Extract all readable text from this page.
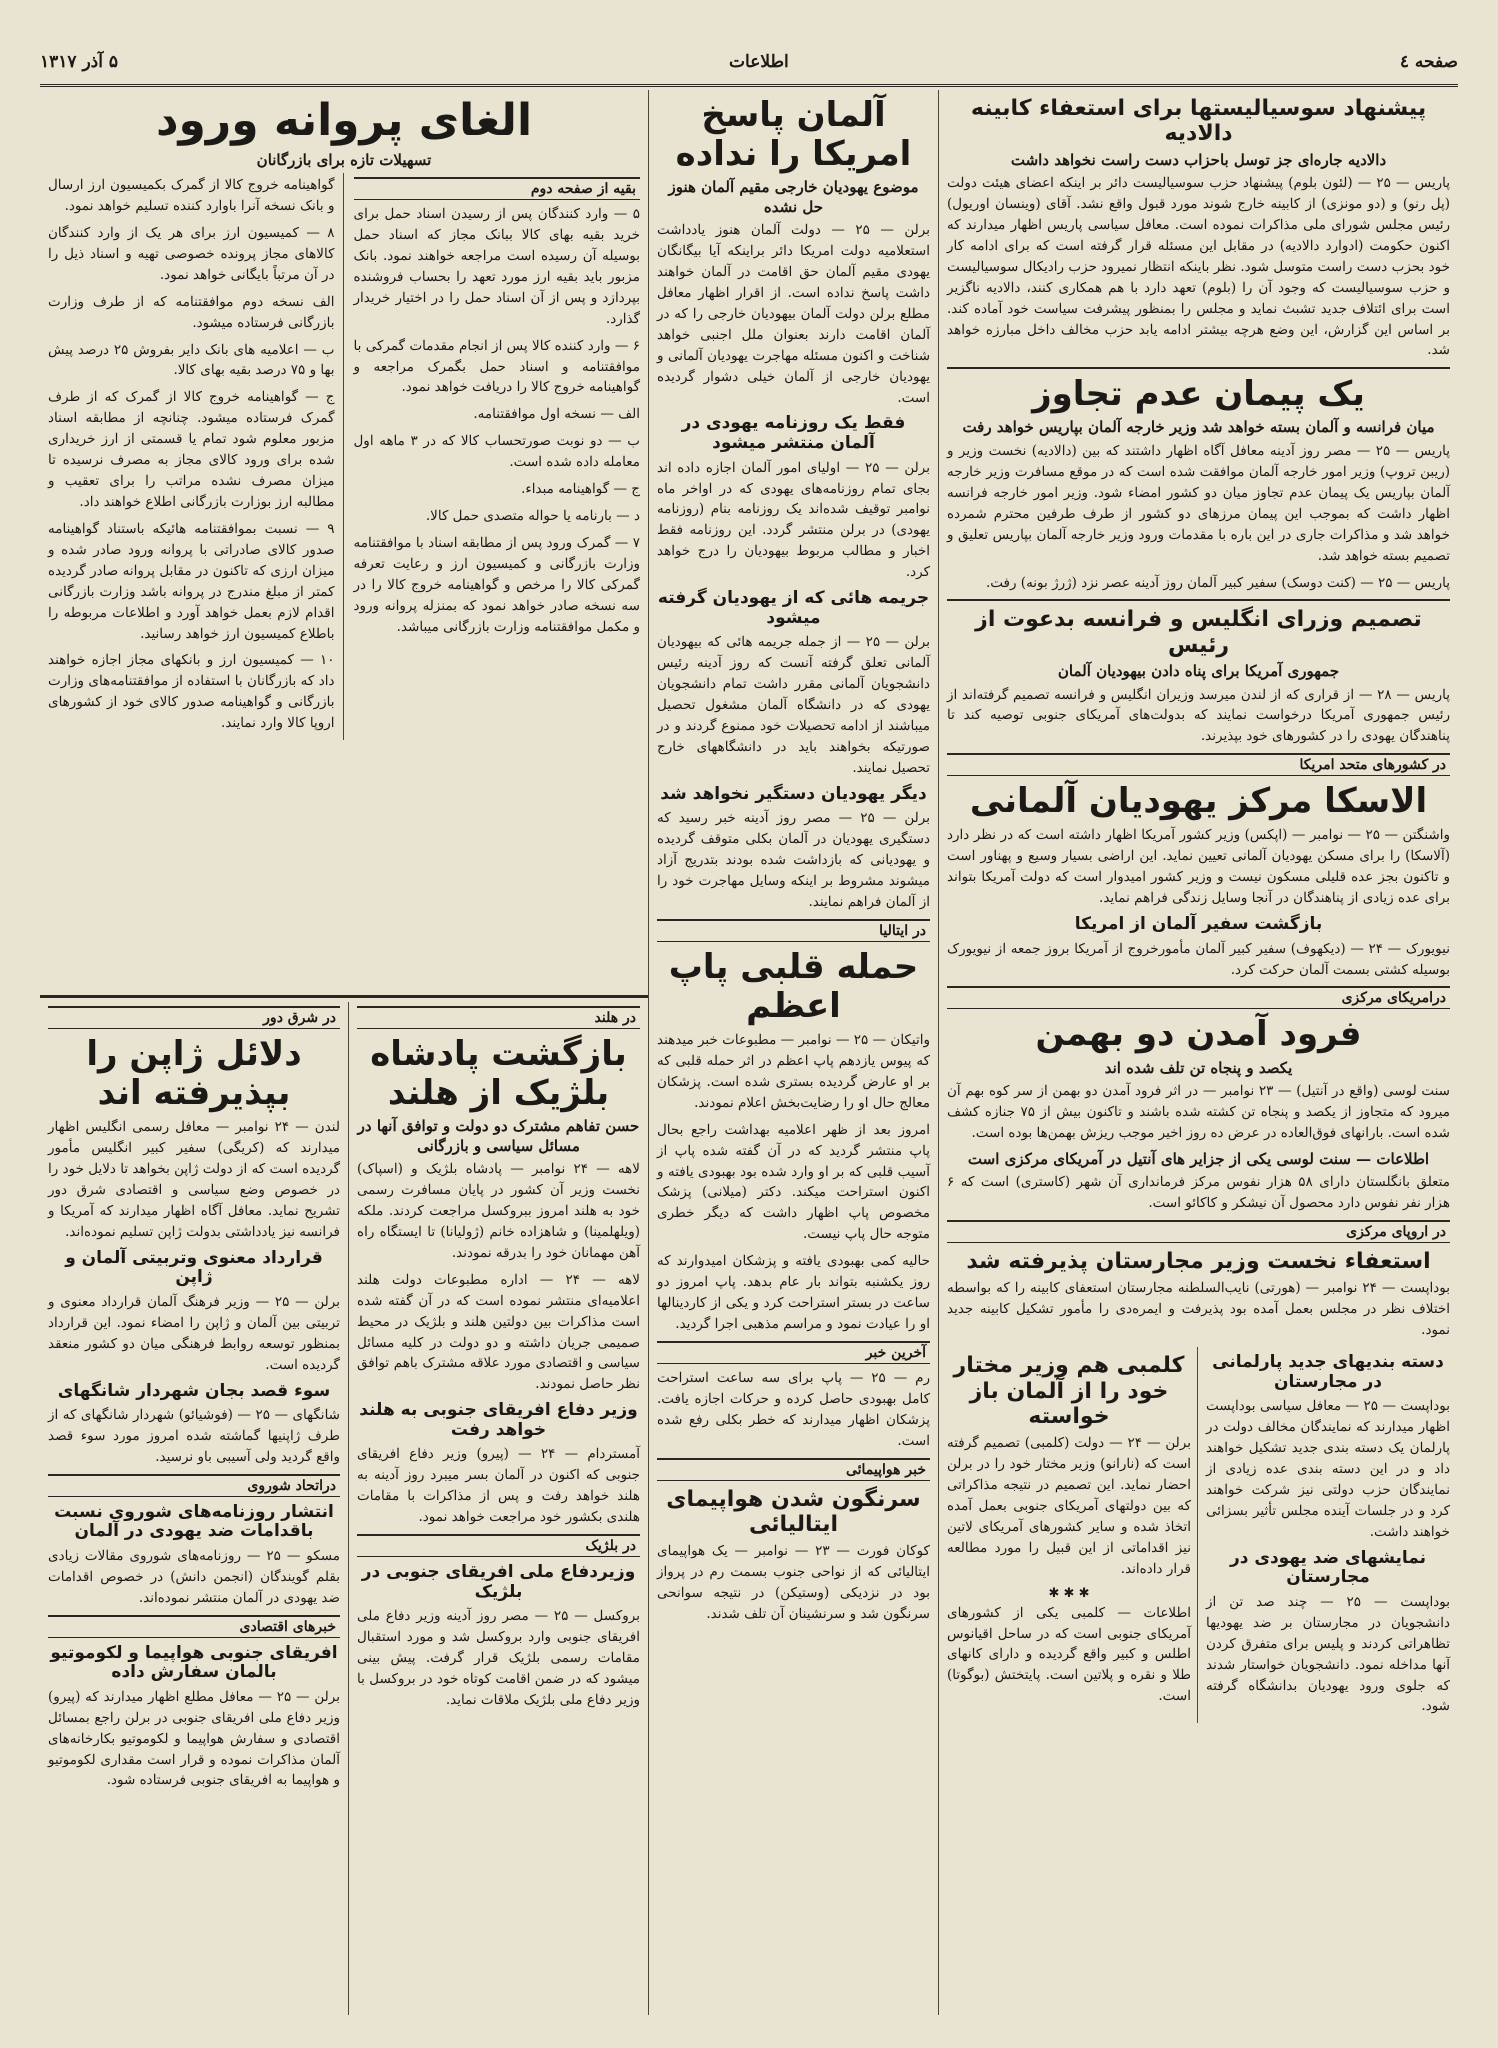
صفحه ٤
اطلاعات
۵ آذر ۱۳۱۷
پیشنهاد سوسیالیستها برای استعفاء کابینه دالادیه
دالادیه جاره‌ای جز توسل باحزاب دست راست نخواهد داشت
پاریس — ۲۵ — (لئون بلوم) پیشنهاد حزب سوسیالیست دائر بر اینکه اعضای هیئت دولت (پل رنو) و (دو مونزی) از کابینه خارج شوند مورد قبول واقع نشد. آقای (وینسان اوریول) رئیس مجلس شورای ملی مذاکرات نموده است. معافل سیاسی پاریس اظهار میدارند که اکنون حکومت (ادوارد دالادیه) در مقابل این مسئله قرار گرفته است که برای ادامه کار خود بحزب دست راست متوسل شود. نظر باینکه انتظار نمیرود حزب رادیکال سوسیالیست و حزب سوسیالیست که وجود آن را (بلوم) تعهد دارد با هم همکاری کنند، دالادیه ناگزیر است برای ائتلاف جدید تشبث نماید و مجلس را بمنظور پیشرفت سیاست خود آماده کند. بر اساس این گزارش، این وضع هرچه بیشتر ادامه یابد حزب مخالف داخل مبارزه خواهد شد.
یک پیمان عدم تجاوز
میان فرانسه و آلمان بسته خواهد شد وزیر خارجه آلمان بپاریس خواهد رفت
پاریس — ۲۵ — مصر روز آدینه معافل آگاه اظهار داشتند که بین (دالادیه) نخست وزیر و (ریبن تروپ) وزیر امور خارجه آلمان موافقت شده است که در موقع مسافرت وزیر خارجه آلمان بپاریس یک پیمان عدم تجاوز میان دو کشور امضاء شود. وزیر امور خارجه فرانسه اظهار داشت که بموجب این پیمان مرزهای دو کشور از طرف طرفین محترم شمرده خواهد شد و مذاکرات جاری در این باره با مقدمات ورود وزیر خارجه آلمان بپاریس تعلیق و تصمیم بسته خواهد شد.
پاریس — ۲۵ — (کنت دوسک) سفیر کبیر آلمان روز آدینه عصر نزد (ژرژ بونه) رفت.
تصمیم وزرای انگلیس و فرانسه بدعوت از رئیس
جمهوری آمریکا برای پناه دادن بیهودیان آلمان
پاریس — ۲۸ — از قراری که از لندن میرسد وزیران انگلیس و فرانسه تصمیم گرفته‌اند از رئیس جمهوری آمریکا درخواست نمایند که بدولت‌های آمریکای جنوبی توصیه کند تا پناهندگان یهودی را در کشورهای خود بپذیرند.
در کشورهای متحد امریکا
الاسکا مرکز یهودیان آلمانی
واشنگتن — ۲۵ — نوامبر — (اپکس) وزیر کشور آمریکا اظهار داشته است که در نظر دارد (آلاسکا) را برای مسکن یهودیان آلمانی تعیین نماید. این اراضی بسیار وسیع و پهناور است و تاکنون بجز عده قلیلی مسکون نیست و وزیر کشور امیدوار است که دولت آمریکا بتواند برای عده زیادی از پناهندگان در آنجا وسایل زندگی فراهم نماید.
بازگشت سفیر آلمان از امریکا
نیویورک — ۲۴ — (دیکهوف) سفیر کبیر آلمان مأمورخروج از آمریکا بروز جمعه از نیویورک بوسیله کشتی بسمت آلمان حرکت کرد.
درامریکای مرکزی
فرود آمدن دو بهمن
یکصد و پنجاه تن تلف شده اند
سنت لوسی (واقع در آنتیل) — ۲۳ نوامبر — در اثر فرود آمدن دو بهمن از سر کوه بهم آن میرود که متجاوز از یکصد و پنجاه تن کشته شده باشند و تاکنون بیش از ۷۵ جنازه کشف شده است. بارانهای فوق‌العاده در عرض ده روز اخیر موجب ریزش بهمن‌ها بوده است.
اطلاعات — سنت لوسی یکی از جزایر های آنتیل در آمریکای مرکزی است
متعلق بانگلستان دارای ۵۸ هزار نفوس مرکز فرمانداری آن شهر (کاستری) است که ۶ هزار نفر نفوس دارد محصول آن نیشکر و کاکائو است.
در اروپای مرکزی
استعفاء نخست وزیر مجارستان پذیرفته شد
بوداپست — ۲۴ نوامبر — (هورتی) نایب‌السلطنه مجارستان استعفای کابینه را که بواسطه اختلاف نظر در مجلس بعمل آمده بود پذیرفت و ایمره‌دی را مأمور تشکیل کابینه جدید نمود.
دسته بندیهای جدید پارلمانی در مجارستان
بوداپست — ۲۵ — معافل سیاسی بوداپست اظهار میدارند که نمایندگان مخالف دولت در پارلمان یک دسته بندی جدید تشکیل خواهند داد و در این دسته بندی عده زیادی از نمایندگان حزب دولتی نیز شرکت خواهند کرد و در جلسات آینده مجلس تأثیر بسزائی خواهند داشت.
نمایشهای ضد یهودی در مجارستان
بوداپست — ۲۵ — چند صد تن از دانشجویان در مجارستان بر ضد یهودیها تظاهراتی کردند و پلیس برای متفرق کردن آنها مداخله نمود. دانشجویان خواستار شدند که جلوی ورود یهودیان بدانشگاه گرفته شود.
کلمبی هم وزیر مختار خود را از آلمان باز خواسته
برلن — ۲۴ — دولت (کلمبی) تصمیم گرفته است که (نارانو) وزیر مختار خود را در برلن احضار نماید. این تصمیم در نتیجه مذاکراتی که بین دولتهای آمریکای جنوبی بعمل آمده اتخاذ شده و سایر کشورهای آمریکای لاتین نیز اقداماتی از این قبیل را مورد مطالعه قرار داده‌اند.
✱ ✱ ✱
اطلاعات — کلمبی یکی از کشورهای آمریکای جنوبی است که در ساحل اقیانوس اطلس و کبیر واقع گردیده و دارای کانهای طلا و نقره و پلاتین است. پایتختش (بوگوتا) است.
آلمان پاسخ امریکا را نداده
موضوع یهودیان خارجی مقیم آلمان هنوز حل نشده
برلن — ۲۵ — دولت آلمان هنوز یادداشت استعلامیه دولت امریکا دائر براینکه آیا بیگانگان یهودی مقیم آلمان حق اقامت در آلمان خواهند داشت پاسخ نداده است. از اقرار اظهار معافل مطلع برلن دولت آلمان بیهودیان خارجی را که در آلمان اقامت دارند بعنوان ملل اجنبی خواهد شناخت و اکنون مسئله مهاجرت یهودیان آلمانی و یهودیان خارجی از آلمان خیلی دشوار گردیده است.
فقط یک روزنامه یهودی در آلمان منتشر میشود
برلن — ۲۵ — اولیای امور آلمان اجازه داده اند بجای تمام روزنامه‌های یهودی که در اواخر ماه نوامبر توقیف شده‌اند یک روزنامه بنام (روزنامه یهودی) در برلن منتشر گردد. این روزنامه فقط اخبار و مطالب مربوط بیهودیان را درج خواهد کرد.
جریمه هائی که از یهودیان گرفته میشود
برلن — ۲۵ — از جمله جریمه هائی که بیهودیان آلمانی تعلق گرفته آنست که روز آدینه رئیس دانشجویان آلمانی مقرر داشت تمام دانشجویان یهودی که در دانشگاه آلمان مشغول تحصیل میباشند از ادامه تحصیلات خود ممنوع گردند و در صورتیکه بخواهند باید در دانشگاههای خارج تحصیل نمایند.
دیگر یهودیان دستگیر نخواهد شد
برلن — ۲۵ — مصر روز آدینه خبر رسید که دستگیری یهودیان در آلمان بکلی متوقف گردیده و یهودیانی که بازداشت شده بودند بتدریج آزاد میشوند مشروط بر اینکه وسایل مهاجرت خود را از آلمان فراهم نمایند.
در ایتالیا
حمله قلبی پاپ اعظم
واتیکان — ۲۵ — نوامبر — مطبوعات خبر میدهند که پیوس یازدهم پاپ اعظم در اثر حمله قلبی که بر او عارض گردیده بستری شده است. پزشکان معالج حال او را رضایت‌بخش اعلام نمودند.
امروز بعد از ظهر اعلامیه بهداشت راجع بحال پاپ منتشر گردید که در آن گفته شده پاپ از آسیب قلبی که بر او وارد شده بود بهبودی یافته و اکنون استراحت میکند. دکتر (میلانی) پزشک مخصوص پاپ اظهار داشت که دیگر خطری متوجه حال پاپ نیست.
حالیه کمی بهبودی یافته و پزشکان امیدوارند که روز یکشنبه بتواند بار عام بدهد. پاپ امروز دو ساعت در بستر استراحت کرد و یکی از کاردینالها او را عیادت نمود و مراسم مذهبی اجرا گردید.
آخرین خبر
رم — ۲۵ — پاپ برای سه ساعت استراحت کامل بهبودی حاصل کرده و حرکات اجازه یافت. پزشکان اظهار میدارند که خطر بکلی رفع شده است.
خبر هواپیمائی
سرنگون شدن هواپیمای ایتالیائی
کوکان فورت — ۲۳ — نوامبر — یک هواپیمای ایتالیائی که از نواحی جنوب بسمت رم در پرواز بود در نزدیکی (وستیکن) در نتیجه سوانحی سرنگون شد و سرنشینان آن تلف شدند.
الغای پروانه ورود
تسهیلات تازه برای بازرگانان
بقیه از صفحه دوم
۵ — وارد کنندگان پس از رسیدن اسناد حمل برای خرید بقیه بهای کالا ببانک مجاز که اسناد حمل بوسیله آن رسیده است مراجعه خواهند نمود. بانک مزبور باید بقیه ارز مورد تعهد را بحساب فروشنده بپردازد و پس از آن اسناد حمل را در اختیار خریدار گذارد.
۶ — وارد کننده کالا پس از انجام مقدمات گمرکی با موافقتنامه و اسناد حمل بگمرک مراجعه و گواهینامه خروج کالا را دریافت خواهد نمود.
الف — نسخه اول موافقتنامه.
ب — دو نوبت صورتحساب کالا که در ۳ ماهه اول معامله داده شده است.
ج — گواهینامه مبداء.
د — بارنامه یا حواله متصدی حمل کالا.
۷ — گمرک ورود پس از مطابقه اسناد با موافقتنامه وزارت بازرگانی و کمیسیون ارز و رعایت تعرفه گمرکی کالا را مرخص و گواهینامه خروج کالا را در سه نسخه صادر خواهد نمود که بمنزله پروانه ورود و مکمل موافقتنامه وزارت بازرگانی میباشد.
گواهینامه خروج کالا از گمرک بکمیسیون ارز ارسال و بانک نسخه آنرا باوارد کننده تسلیم خواهد نمود.
۸ — کمیسیون ارز برای هر یک از وارد کنندگان کالاهای مجاز پرونده خصوصی تهیه و اسناد ذیل را در آن مرتباً بایگانی خواهد نمود.
الف نسخه دوم موافقتنامه که از طرف وزارت بازرگانی فرستاده میشود.
ب — اعلامیه های بانک دایر بفروش ۲۵ درصد پیش بها و ۷۵ درصد بقیه بهای کالا.
ج — گواهینامه خروج کالا از گمرک که از طرف گمرک فرستاده میشود. چنانچه از مطابقه اسناد مزبور معلوم شود تمام یا قسمتی از ارز خریداری شده برای ورود کالای مجاز به مصرف نرسیده تا میزان مصرف نشده مراتب را برای تعقیب و مطالبه ارز بوزارت بازرگانی اطلاع خواهند داد.
۹ — نسبت بموافقتنامه هائیکه باستناد گواهینامه صدور کالای صادراتی با پروانه ورود صادر شده و میزان ارزی که تاکنون در مقابل پروانه صادر گردیده کمتر از مبلغ مندرج در پروانه باشد وزارت بازرگانی اقدام لازم بعمل خواهد آورد و اطلاعات مربوطه را باطلاع کمیسیون ارز خواهد رسانید.
۱۰ — کمیسیون ارز و بانکهای مجاز اجازه خواهند داد که بازرگانان با استفاده از موافقتنامه‌های وزارت بازرگانی و گواهینامه صدور کالای خود از کشورهای اروپا کالا وارد نمایند.
در هلند
بازگشت پادشاه بلژیک از هلند
حسن تفاهم مشترک دو دولت و توافق آنها در مسائل سیاسی و بازرگانی
لاهه — ۲۴ نوامبر — پادشاه بلژیک و (اسپاک) نخست وزیر آن کشور در پایان مسافرت رسمی خود به هلند امروز ببروکسل مراجعت کردند. ملکه (ویلهلمینا) و شاهزاده خانم (ژولیانا) تا ایستگاه راه آهن مهمانان خود را بدرقه نمودند.
لاهه — ۲۴ — اداره مطبوعات دولت هلند اعلامیه‌ای منتشر نموده است که در آن گفته شده است مذاکرات بین دولتین هلند و بلژیک در محیط صمیمی جریان داشته و دو دولت در کلیه مسائل سیاسی و اقتصادی مورد علاقه مشترک باهم توافق نظر حاصل نمودند.
وزیر دفاع افریقای جنوبی به هلند خواهد رفت
آمستردام — ۲۴ — (پیرو) وزیر دفاع افریقای جنوبی که اکنون در آلمان بسر میبرد روز آدینه به هلند خواهد رفت و پس از مذاکرات با مقامات هلندی بکشور خود مراجعت خواهد نمود.
در بلژیک
وزیردفاع ملی افریقای جنوبی در بلژیک
بروکسل — ۲۵ — مصر روز آدینه وزیر دفاع ملی افریقای جنوبی وارد بروکسل شد و مورد استقبال مقامات رسمی بلژیک قرار گرفت. پیش بینی میشود که در ضمن اقامت کوتاه خود در بروکسل با وزیر دفاع ملی بلژیک ملاقات نماید.
در شرق دور
دلائل ژاپن را بپذیرفته اند
لندن — ۲۴ نوامبر — معافل رسمی انگلیس اظهار میدارند که (کریگی) سفیر کبیر انگلیس مأمور گردیده است که از دولت ژاپن بخواهد تا دلایل خود را در خصوص وضع سیاسی و اقتصادی شرق دور تشریح نماید. معافل آگاه اظهار میدارند که آمریکا و فرانسه نیز یادداشتی بدولت ژاپن تسلیم نموده‌اند.
قرارداد معنوی وتربیتی آلمان و ژاپن
برلن — ۲۵ — وزیر فرهنگ آلمان قرارداد معنوی و تربیتی بین آلمان و ژاپن را امضاء نمود. این قرارداد بمنظور توسعه روابط فرهنگی میان دو کشور منعقد گردیده است.
سوء قصد بجان شهردار شانگهای
شانگهای — ۲۵ — (فوشیائو) شهردار شانگهای که از طرف ژاپنیها گماشته شده امروز مورد سوء قصد واقع گردید ولی آسیبی باو نرسید.
دراتحاد شوروی
انتشار روزنامه‌های شوروی نسبت باقدامات ضد یهودی در آلمان
مسکو — ۲۵ — روزنامه‌های شوروی مقالات زیادی بقلم گویندگان (انجمن دانش) در خصوص اقدامات ضد یهودی در آلمان منتشر نموده‌اند.
خبرهای اقتصادی
افریقای جنوبی هواپیما و لکوموتیو بالمان سفارش داده
برلن — ۲۵ — معافل مطلع اظهار میدارند که (پیرو) وزیر دفاع ملی افریقای جنوبی در برلن راجع بمسائل اقتصادی و سفارش هواپیما و لکوموتیو بکارخانه‌های آلمان مذاکرات نموده و قرار است مقداری لکوموتیو و هواپیما به افریقای جنوبی فرستاده شود.
